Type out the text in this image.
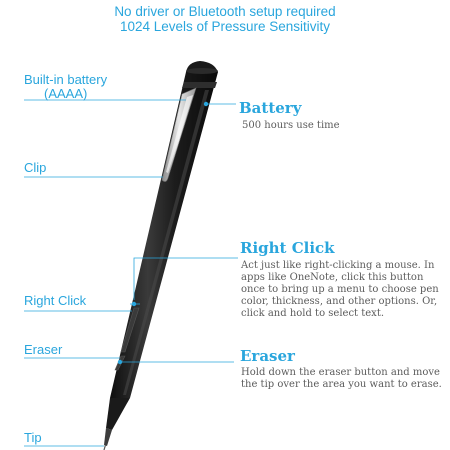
No driver or Bluetooth setup required
1024 Levels of Pressure Sensitivity
Built-in battery
(AAAA)
Clip
Right Click
Eraser
Tip
Battery
500 hours use time
Right Click
Act just like right-clicking a mouse. In
apps like OneNote, click this button
once to bring up a menu to choose pen
color, thickness, and other options. Or,
click and hold to select text.
Eraser
Hold down the eraser button and move
the tip over the area you want to erase.
